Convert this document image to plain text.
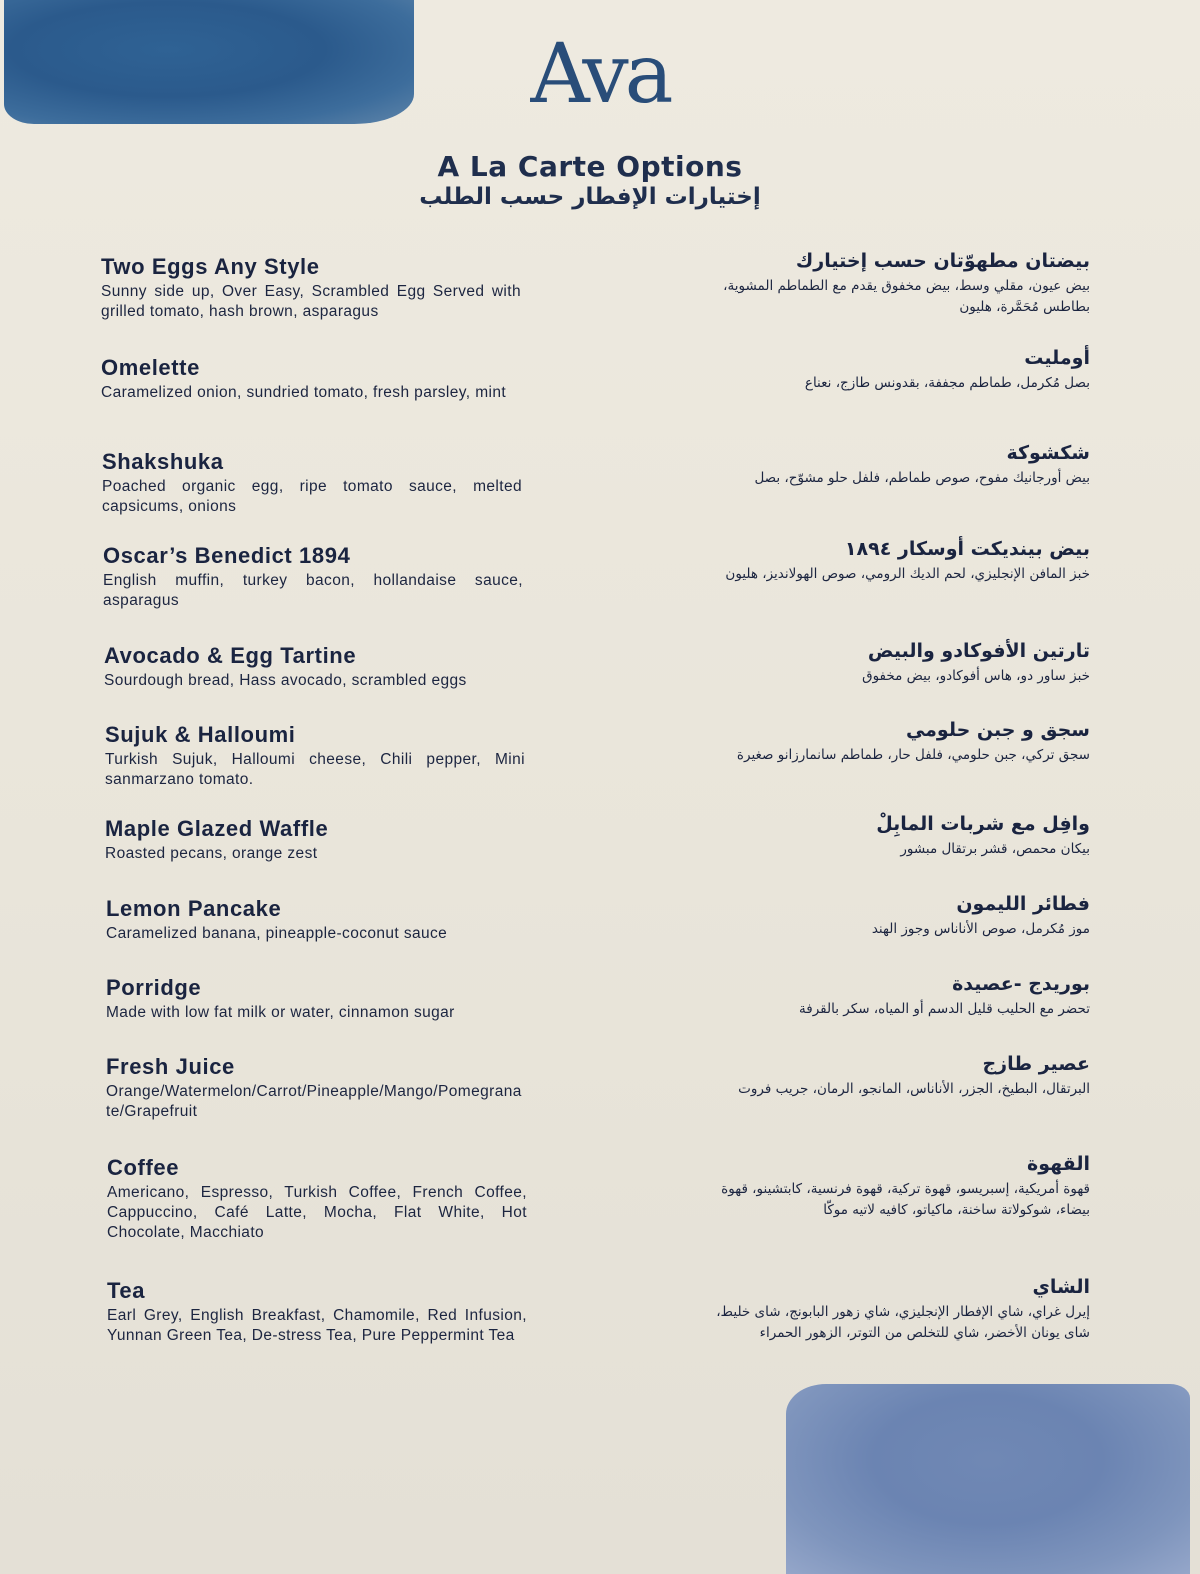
Ava
A La Carte Options
إختيارات الإفطار حسب الطلب
Two Eggs Any Style
Sunny side up, Over Easy, Scrambled Egg Served with grilled tomato, hash brown, asparagus
Omelette
Caramelized onion, sundried tomato, fresh parsley, mint
Shakshuka
Poached organic egg, ripe tomato sauce, melted capsicums, onions
Oscar’s Benedict 1894
English muffin, turkey bacon, hollandaise sauce, asparagus
Avocado & Egg Tartine
Sourdough bread, Hass avocado, scrambled eggs
Sujuk & Halloumi
Turkish Sujuk, Halloumi cheese, Chili pepper, Mini sanmarzano tomato.
Maple Glazed Waffle
Roasted pecans, orange zest
Lemon Pancake
Caramelized banana, pineapple-coconut sauce
Porridge
Made with low fat milk or water, cinnamon sugar
Fresh Juice
Orange/Watermelon/Carrot/Pineapple/Mango/Pomegranate/Grapefruit
Coffee
Americano, Espresso, Turkish Coffee, French Coffee, Cappuccino, Café Latte, Mocha, Flat White, Hot Chocolate, Macchiato
Tea
Earl Grey, English Breakfast, Chamomile, Red Infusion, Yunnan Green Tea, De-stress Tea, Pure Peppermint Tea
بيضتان مطهوّتان حسب إختيارك
بيض عيون، مقلي وسط، بيض مخفوق يقدم مع الطماطم المشوية، بطاطس مُحَمَّرة، هليون
أومليت
بصل مُكرمل، طماطم مجففة، بقدونس طازج، نعناع
شكشوكة
بيض أورجانيك مفوح، صوص طماطم، فلفل حلو مشوّح، بصل
بيض بينديكت أوسكار ١٨٩٤
خبز المافن الإنجليزي، لحم الديك الرومي، صوص الهولانديز، هليون
تارتين الأفوكادو والبيض
خبز ساور دو، هاس أفوكادو، بيض مخفوق
سجق و جبن حلومي
سجق تركي، جبن حلومي، فلفل حار، طماطم سانمارزانو صغيرة
وافِل مع شربات المابِلْ
بيكان محمص، قشر برتقال مبشور
فطائر الليمون
موز مُكرمل، صوص الأناناس وجوز الهند
بوريدج -عصيدة
تحضر مع الحليب قليل الدسم أو المياه، سكر بالقرفة
عصير طازج
البرتقال، البطيخ، الجزر، الأناناس، المانجو، الرمان، جريب فروت
القهوة
قهوة أمريكية، إسبريسو، قهوة تركية، قهوة فرنسية، كابتشينو، قهوة بيضاء، شوكولاتة ساخنة، ماكياتو، كافيه لاتيه موكّا
الشاي
إيرل غراي، شاي الإفطار الإنجليزي، شاي زهور البابونج، شاى خليط، شاى يونان الأخضر، شاي للتخلص من التوتر، الزهور الحمراء
